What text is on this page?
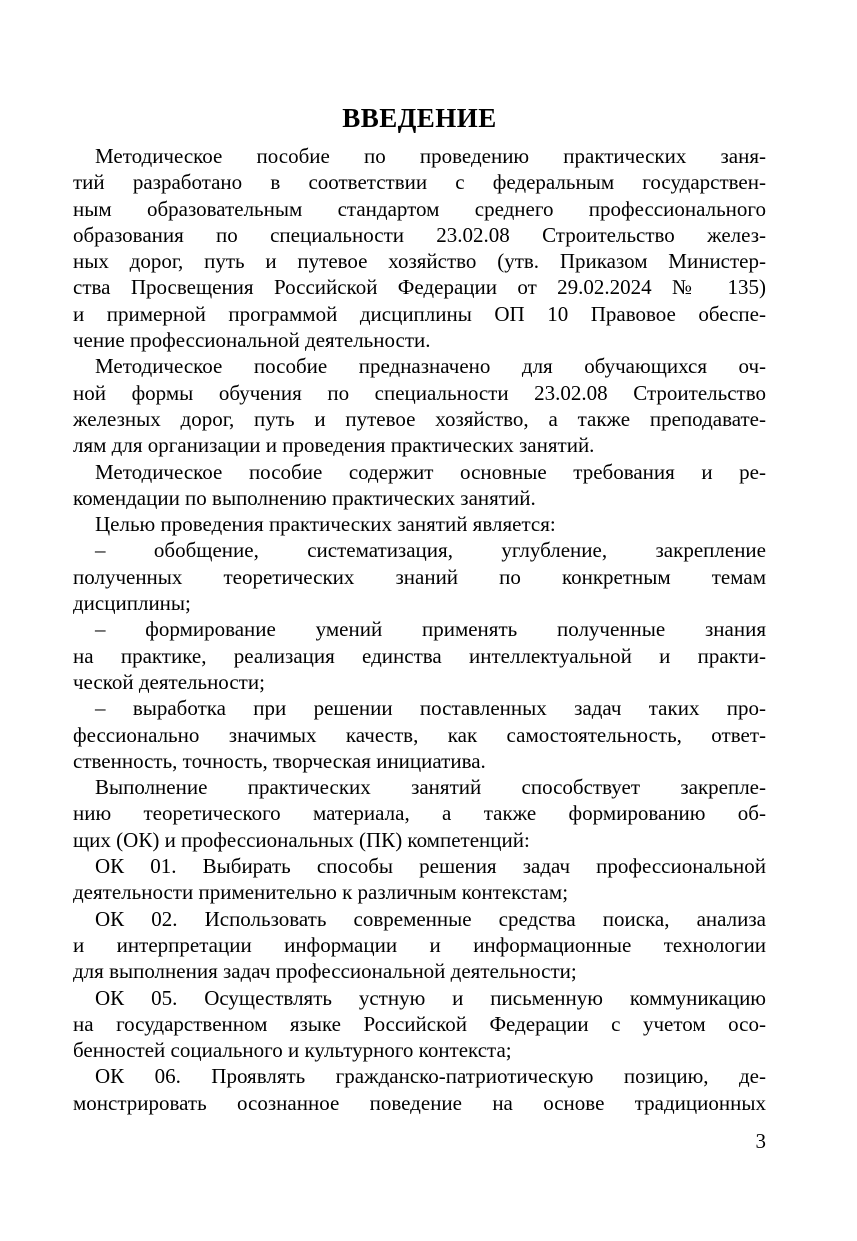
ВВЕДЕНИЕ
Методическое пособие по проведению практических заня-
тий разработано в соответствии с федеральным государствен-
ным образовательным стандартом среднего профессионального
образования по специальности 23.02.08 Строительство желез-
ных дорог, путь и путевое хозяйство (утв. Приказом Министер-
ства Просвещения Российской Федерации от 29.02.2024 № 135)
и примерной программой дисциплины ОП 10 Правовое обеспе-
чение профессиональной деятельности.
Методическое пособие предназначено для обучающихся оч-
ной формы обучения по специальности 23.02.08 Строительство
железных дорог, путь и путевое хозяйство, а также преподавате-
лям для организации и проведения практических занятий.
Методическое пособие содержит основные требования и ре-
комендации по выполнению практических занятий.
Целью проведения практических занятий является:
– обобщение, систематизация, углубление, закрепление
полученных теоретических знаний по конкретным темам
дисциплины;
– формирование умений применять полученные знания
на практике, реализация единства интеллектуальной и практи-
ческой деятельности;
– выработка при решении поставленных задач таких про-
фессионально значимых качеств, как самостоятельность, ответ-
ственность, точность, творческая инициатива.
Выполнение практических занятий способствует закрепле-
нию теоретического материала, а также формированию об-
щих (ОК) и профессиональных (ПК) компетенций:
ОК 01. Выбирать способы решения задач профессиональной
деятельности применительно к различным контекстам;
ОК 02. Использовать современные средства поиска, анализа
и интерпретации информации и информационные технологии
для выполнения задач профессиональной деятельности;
ОК 05. Осуществлять устную и письменную коммуникацию
на государственном языке Российской Федерации с учетом осо-
бенностей социального и культурного контекста;
ОК 06. Проявлять гражданско-патриотическую позицию, де-
монстрировать осознанное поведение на основе традиционных
3
